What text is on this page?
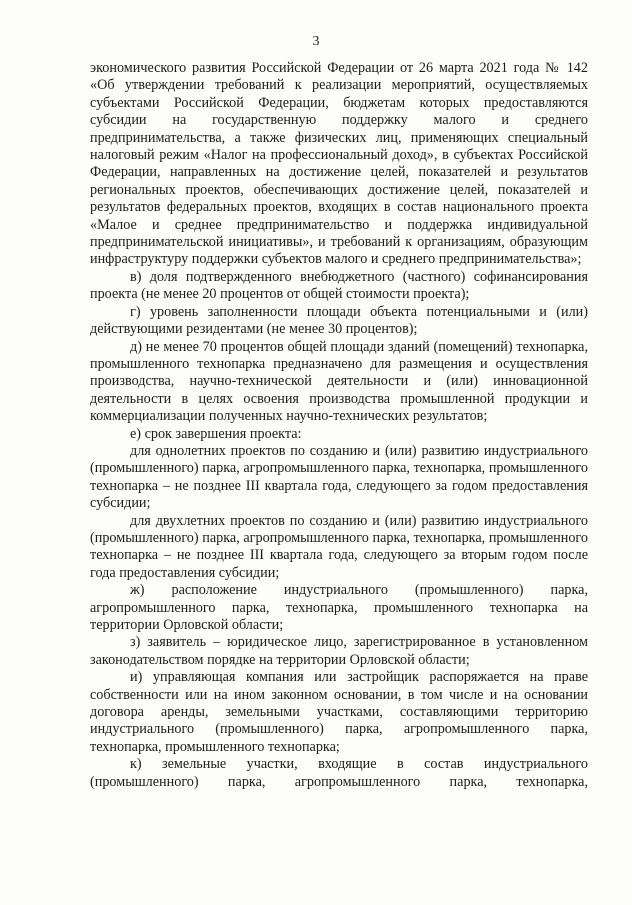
3

экономического развития Российской Федерации от 26 марта 2021 года № 142 «Об утверждении требований к реализации мероприятий, осуществляемых субъектами Российской Федерации, бюджетам которых предоставляются субсидии на государственную поддержку малого и среднего предпринимательства, а также физических лиц, применяющих специальный налоговый режим «Налог на профессиональный доход», в субъектах Российской Федерации, направленных на достижение целей, показателей и результатов региональных проектов, обеспечивающих достижение целей, показателей и результатов федеральных проектов, входящих в состав национального проекта «Малое и среднее предпринимательство и поддержка индивидуальной предпринимательской инициативы», и требований к организациям, образующим инфраструктуру поддержки субъектов малого и среднего предпринимательства»;

в) доля подтвержденного внебюджетного (частного) софинансирования проекта (не менее 20 процентов от общей стоимости проекта);

г) уровень заполненности площади объекта потенциальными и (или) действующими резидентами (не менее 30 процентов);

д) не менее 70 процентов общей площади зданий (помещений) технопарка, промышленного технопарка предназначено для размещения и осуществления производства, научно-технической деятельности и (или) инновационной деятельности в целях освоения производства промышленной продукции и коммерциализации полученных научно-технических результатов;

е) срок завершения проекта:

для однолетних проектов по созданию и (или) развитию индустриального (промышленного) парка, агропромышленного парка, технопарка, промышленного технопарка – не позднее III квартала года, следующего за годом предоставления субсидии;

для двухлетних проектов по созданию и (или) развитию индустриального (промышленного) парка, агропромышленного парка, технопарка, промышленного технопарка – не позднее III квартала года, следующего за вторым годом после года предоставления субсидии;

ж) расположение индустриального (промышленного) парка, агропромышленного парка, технопарка, промышленного технопарка на территории Орловской области;

з) заявитель – юридическое лицо, зарегистрированное в установленном законодательством порядке на территории Орловской области;

и) управляющая компания или застройщик распоряжается на праве собственности или на ином законном основании, в том числе и на основании договора аренды, земельными участками, составляющими территорию индустриального (промышленного) парка, агропромышленного парка, технопарка, промышленного технопарка;

к) земельные участки, входящие в состав индустриального (промышленного) парка, агропромышленного парка, технопарка,
